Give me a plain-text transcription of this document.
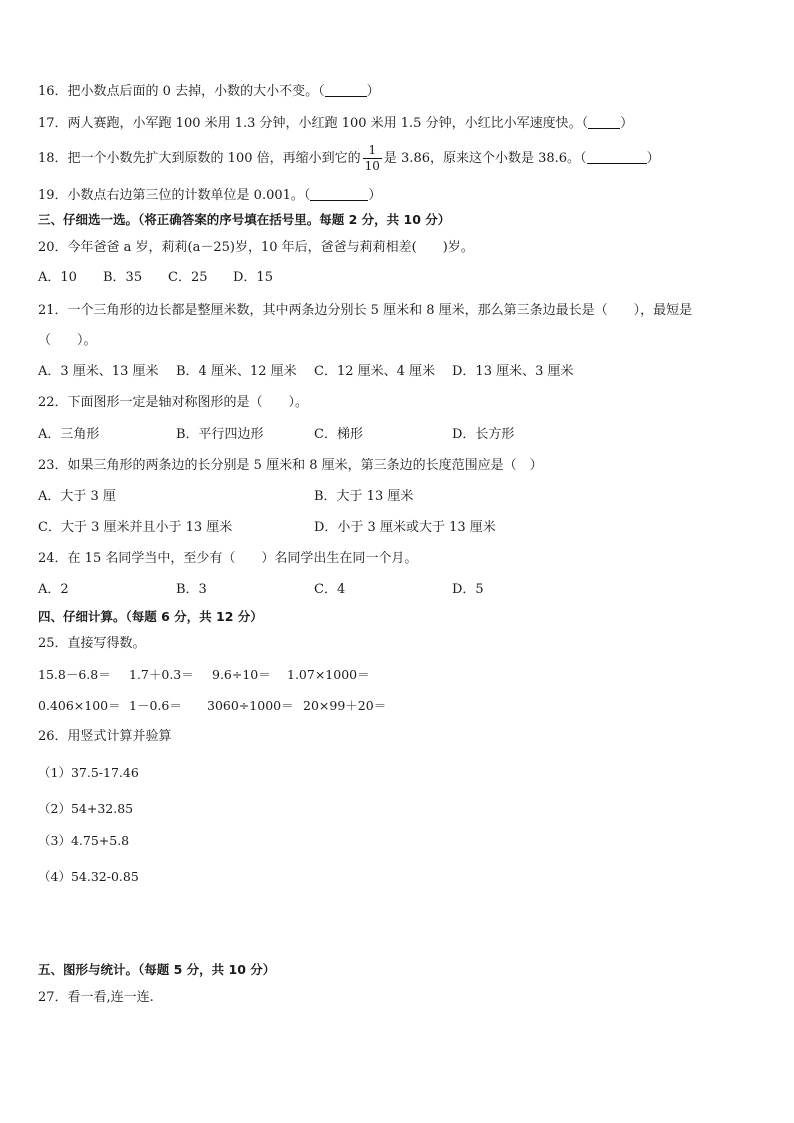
16．把小数点后面的 0 去掉，小数的大小不变。（	）
17．两人赛跑，小军跑 100 米用 1.3 分钟，小红跑 100 米用 1.5 分钟，小红比小军速度快。（ ）
18．把一个小数先扩大到原数的 100 倍，再缩小到它的 $\frac{1}{10}$ 是 3.86，原来这个小数是 38.6。（	）
19．小数点右边第三位的计数单位是 0.001。（	）
三、仔细选一选。（将正确答案的序号填在括号里。每题 2 分，共 10 分）
20．今年爸爸 a 岁，莉莉(a－25)岁，10 年后，爸爸与莉莉相差(　　)岁。
A．10 B．35 C．25 D．15
21．一个三角形的边长都是整厘米数，其中两条边分别长 5 厘米和 8 厘米，那么第三条边最长是（　　），最短是
（　　）。
A．3 厘米、13 厘米 B．4 厘米、12 厘米 C．12 厘米、4 厘米 D．13 厘米、3 厘米
22．下面图形一定是轴对称图形的是（　　）。
A．三角形	B．平行四边形	C．梯形	D．长方形
23．如果三角形的两条边的长分别是 5 厘米和 8 厘米，第三条边的长度范围应是（　）
A．大于 3 厘	B．大于 13 厘米
C．大于 3 厘米并且小于 13 厘米	D．小于 3 厘米或大于 13 厘米
24．在 15 名同学当中，至少有（　　）名同学出生在同一个月。
A．2	B．3	C．4	D．5
四、仔细计算。（每题 6 分，共 12 分）
25．直接写得数。
15.8－6.8＝ 1.7＋0.3＝ 9.6÷10＝ 1.07×1000＝
0.406×100＝ 1－0.6＝ 3060÷1000＝ 20×99＋20＝
26．用竖式计算并验算
（1）37.5-17.46
（2）54+32.85
（3）4.75+5.8
（4）54.32-0.85
五、图形与统计。（每题 5 分，共 10 分）
27．看一看,连一连.
